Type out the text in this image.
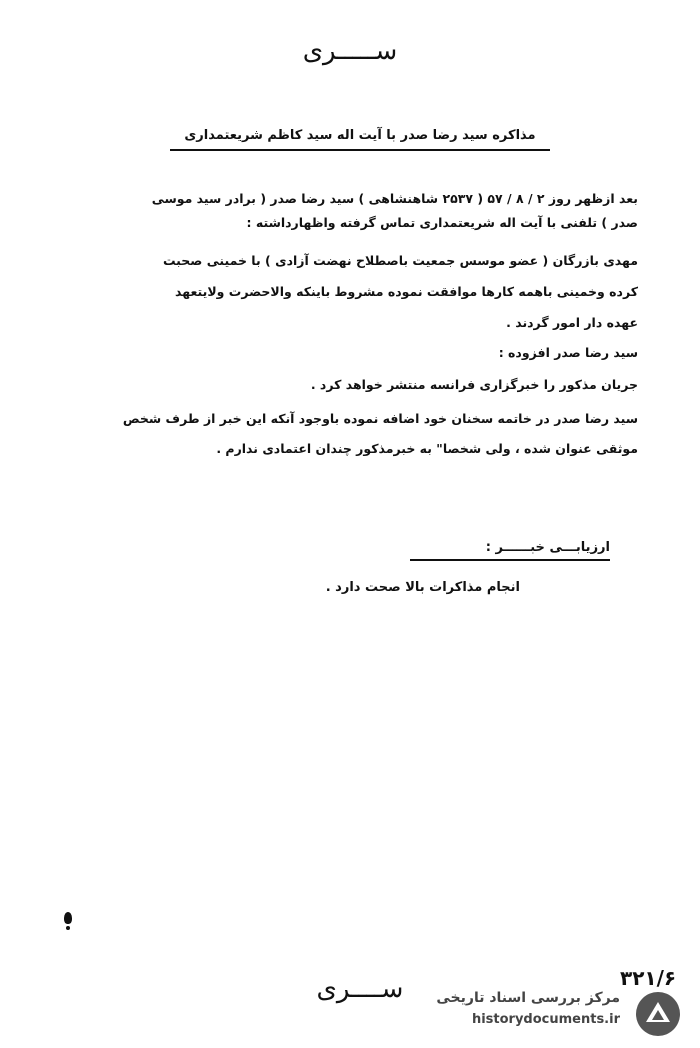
ســـــری
مذاکره سید رضا صدر با آیت اله سید کاظم شریعتمداری
بعد ازظهر روز ۲ / ۸ / ۵۷ ( ۲۵۳۷ شاهنشاهی ) سید رضا صدر ( برادر سید موسی
صدر ) تلفنی با آیت اله شریعتمداری تماس گرفته واظهارداشته :
مهدی بازرگان ( عضو موسس جمعیت باصطلاح نهضت آزادی ) با خمینی صحبت
کرده وخمینی باهمه کارها موافقت نموده مشروط باینکه والاحضرت ولایتعهد
عهده دار امور گردند .
سید رضا صدر افزوده :
جریان مذکور را خبرگزاری فرانسه منتشر خواهد کرد .
سید رضا صدر در خاتمه سخنان خود اضافه نموده باوجود آنکه این خبر از طرف شخص
موثقی عنوان شده ، ولی شخصا" به خبرمذکور چندان اعتمادی ندارم .
ارزیابـــی خبــــــر :
انجام مذاکرات بالا صحت دارد .
۳۲۱/۶
ســــری	مرکز بررسی اسناد تاریخی
historydocuments.ir
